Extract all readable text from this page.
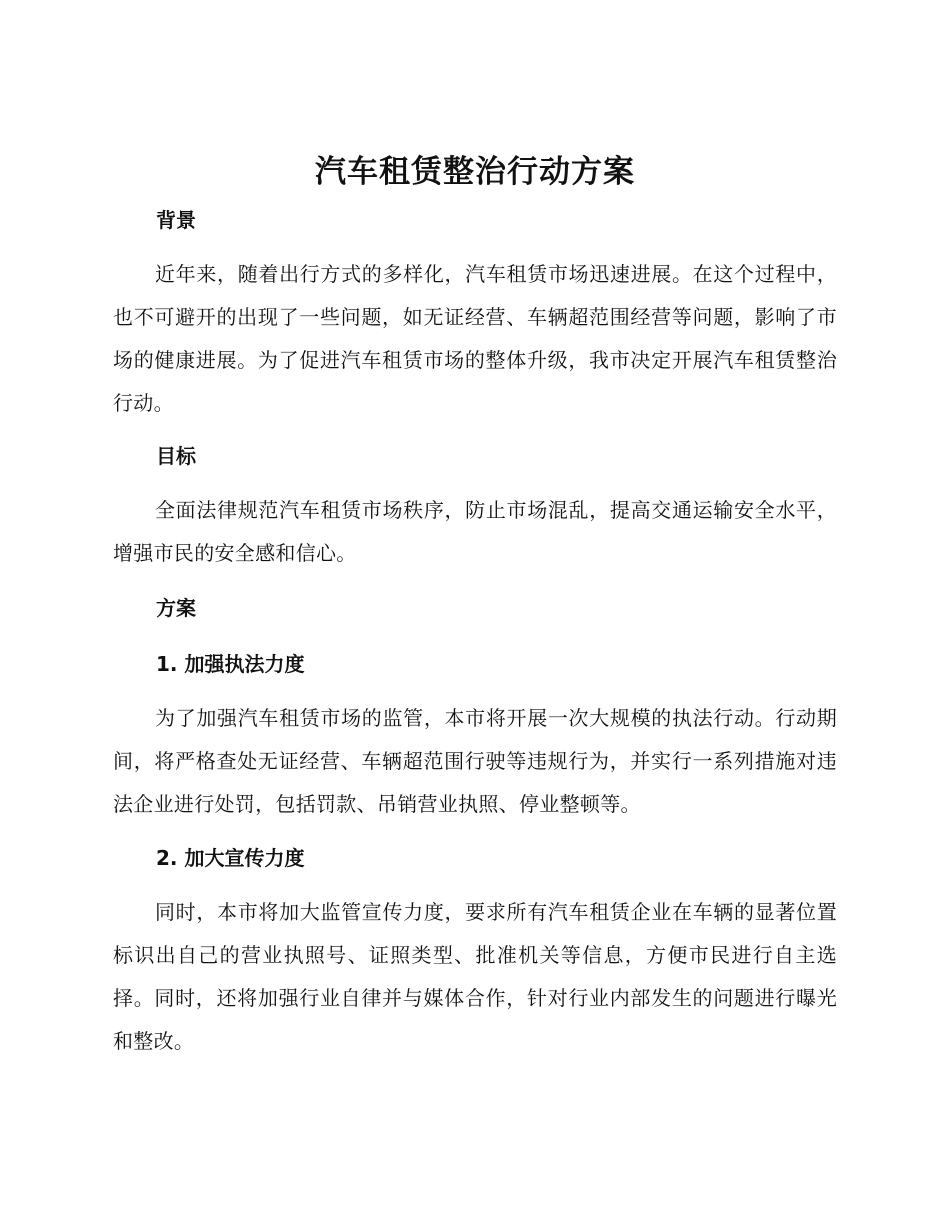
汽车租赁整治行动方案
背景

近年来，随着出行方式的多样化，汽车租赁市场迅速进展。在这个过程中，也不可避开的出现了一些问题，如无证经营、车辆超范围经营等问题，影响了市场的健康进展。为了促进汽车租赁市场的整体升级，我市决定开展汽车租赁整治行动。

目标

全面法律规范汽车租赁市场秩序，防止市场混乱，提高交通运输安全水平，增强市民的安全感和信心。

方案
1. 加强执法力度

为了加强汽车租赁市场的监管，本市将开展一次大规模的执法行动。行动期间，将严格查处无证经营、车辆超范围行驶等违规行为，并实行一系列措施对违法企业进行处罚，包括罚款、吊销营业执照、停业整顿等。

2. 加大宣传力度

同时，本市将加大监管宣传力度，要求所有汽车租赁企业在车辆的显著位置标识出自己的营业执照号、证照类型、批准机关等信息，方便市民进行自主选择。同时，还将加强行业自律并与媒体合作，针对行业内部发生的问题进行曝光和整改。
